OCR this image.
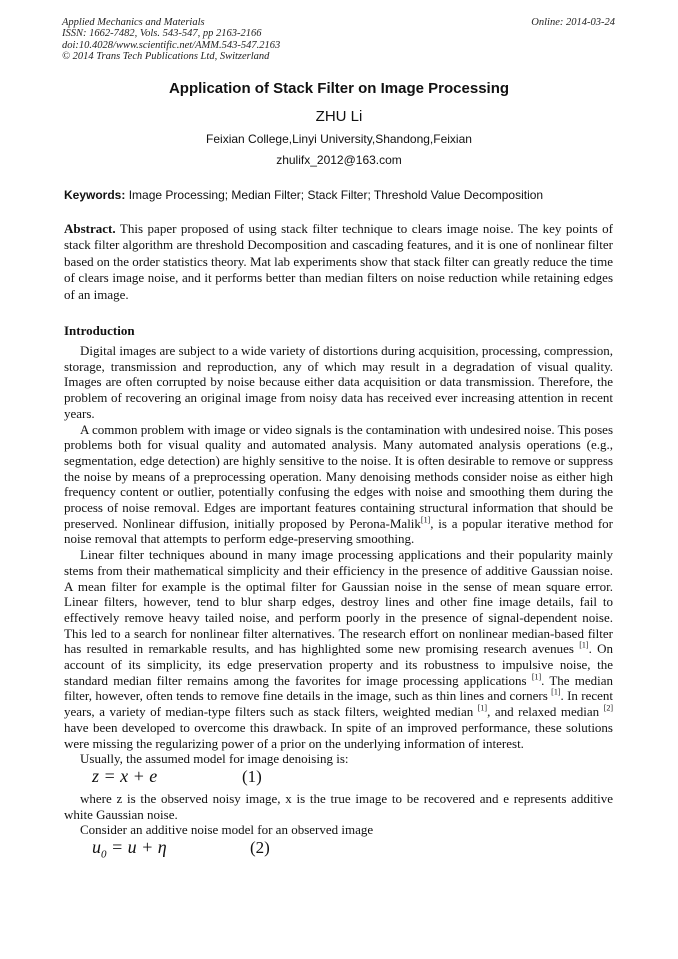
Applied Mechanics and Materials
ISSN: 1662-7482, Vols. 543-547, pp 2163-2166
doi:10.4028/www.scientific.net/AMM.543-547.2163
© 2014 Trans Tech Publications Ltd, Switzerland
Online: 2014-03-24
Application of Stack Filter on Image Processing
ZHU Li
Feixian College,Linyi University,Shandong,Feixian
zhulifx_2012@163.com
Keywords: Image Processing; Median Filter; Stack Filter; Threshold Value Decomposition
Abstract. This paper proposed of using stack filter technique to clears image noise. The key points of stack filter algorithm are threshold Decomposition and cascading features, and it is one of nonlinear filter based on the order statistics theory. Mat lab experiments show that stack filter can greatly reduce the time of clears image noise, and it performs better than median filters on noise reduction while retaining edges of an image.
Introduction

Digital images are subject to a wide variety of distortions during acquisition, processing, compression, storage, transmission and reproduction, any of which may result in a degradation of visual quality. Images are often corrupted by noise because either data acquisition or data transmission. Therefore, the problem of recovering an original image from noisy data has received ever increasing attention in recent years.

A common problem with image or video signals is the contamination with undesired noise. This poses problems both for visual quality and automated analysis. Many automated analysis operations (e.g., segmentation, edge detection) are highly sensitive to the noise. It is often desirable to remove or suppress the noise by means of a preprocessing operation. Many denoising methods consider noise as either high frequency content or outlier, potentially confusing the edges with noise and smoothing them during the process of noise removal. Edges are important features containing structural information that should be preserved. Nonlinear diffusion, initially proposed by Perona-Malik[1], is a popular iterative method for noise removal that attempts to perform edge-preserving smoothing.

Linear filter techniques abound in many image processing applications and their popularity mainly stems from their mathematical simplicity and their efficiency in the presence of additive Gaussian noise. A mean filter for example is the optimal filter for Gaussian noise in the sense of mean square error. Linear filters, however, tend to blur sharp edges, destroy lines and other fine image details, fail to effectively remove heavy tailed noise, and perform poorly in the presence of signal-dependent noise. This led to a search for nonlinear filter alternatives. The research effort on nonlinear median-based filter has resulted in remarkable results, and has highlighted some new promising research avenues [1]. On account of its simplicity, its edge preservation property and its robustness to impulsive noise, the standard median filter remains among the favorites for image processing applications [1]. The median filter, however, often tends to remove fine details in the image, such as thin lines and corners [1]. In recent years, a variety of median-type filters such as stack filters, weighted median [1], and relaxed median [2] have been developed to overcome this drawback. In spite of an improved performance, these solutions were missing the regularizing power of a prior on the underlying information of interest.

Usually, the assumed model for image denoising is:

z = x + e	(1)

where z is the observed noisy image, x is the true image to be recovered and e represents additive white Gaussian noise.

Consider an additive noise model for an observed image

$u_0 = u + \eta$	(2)
